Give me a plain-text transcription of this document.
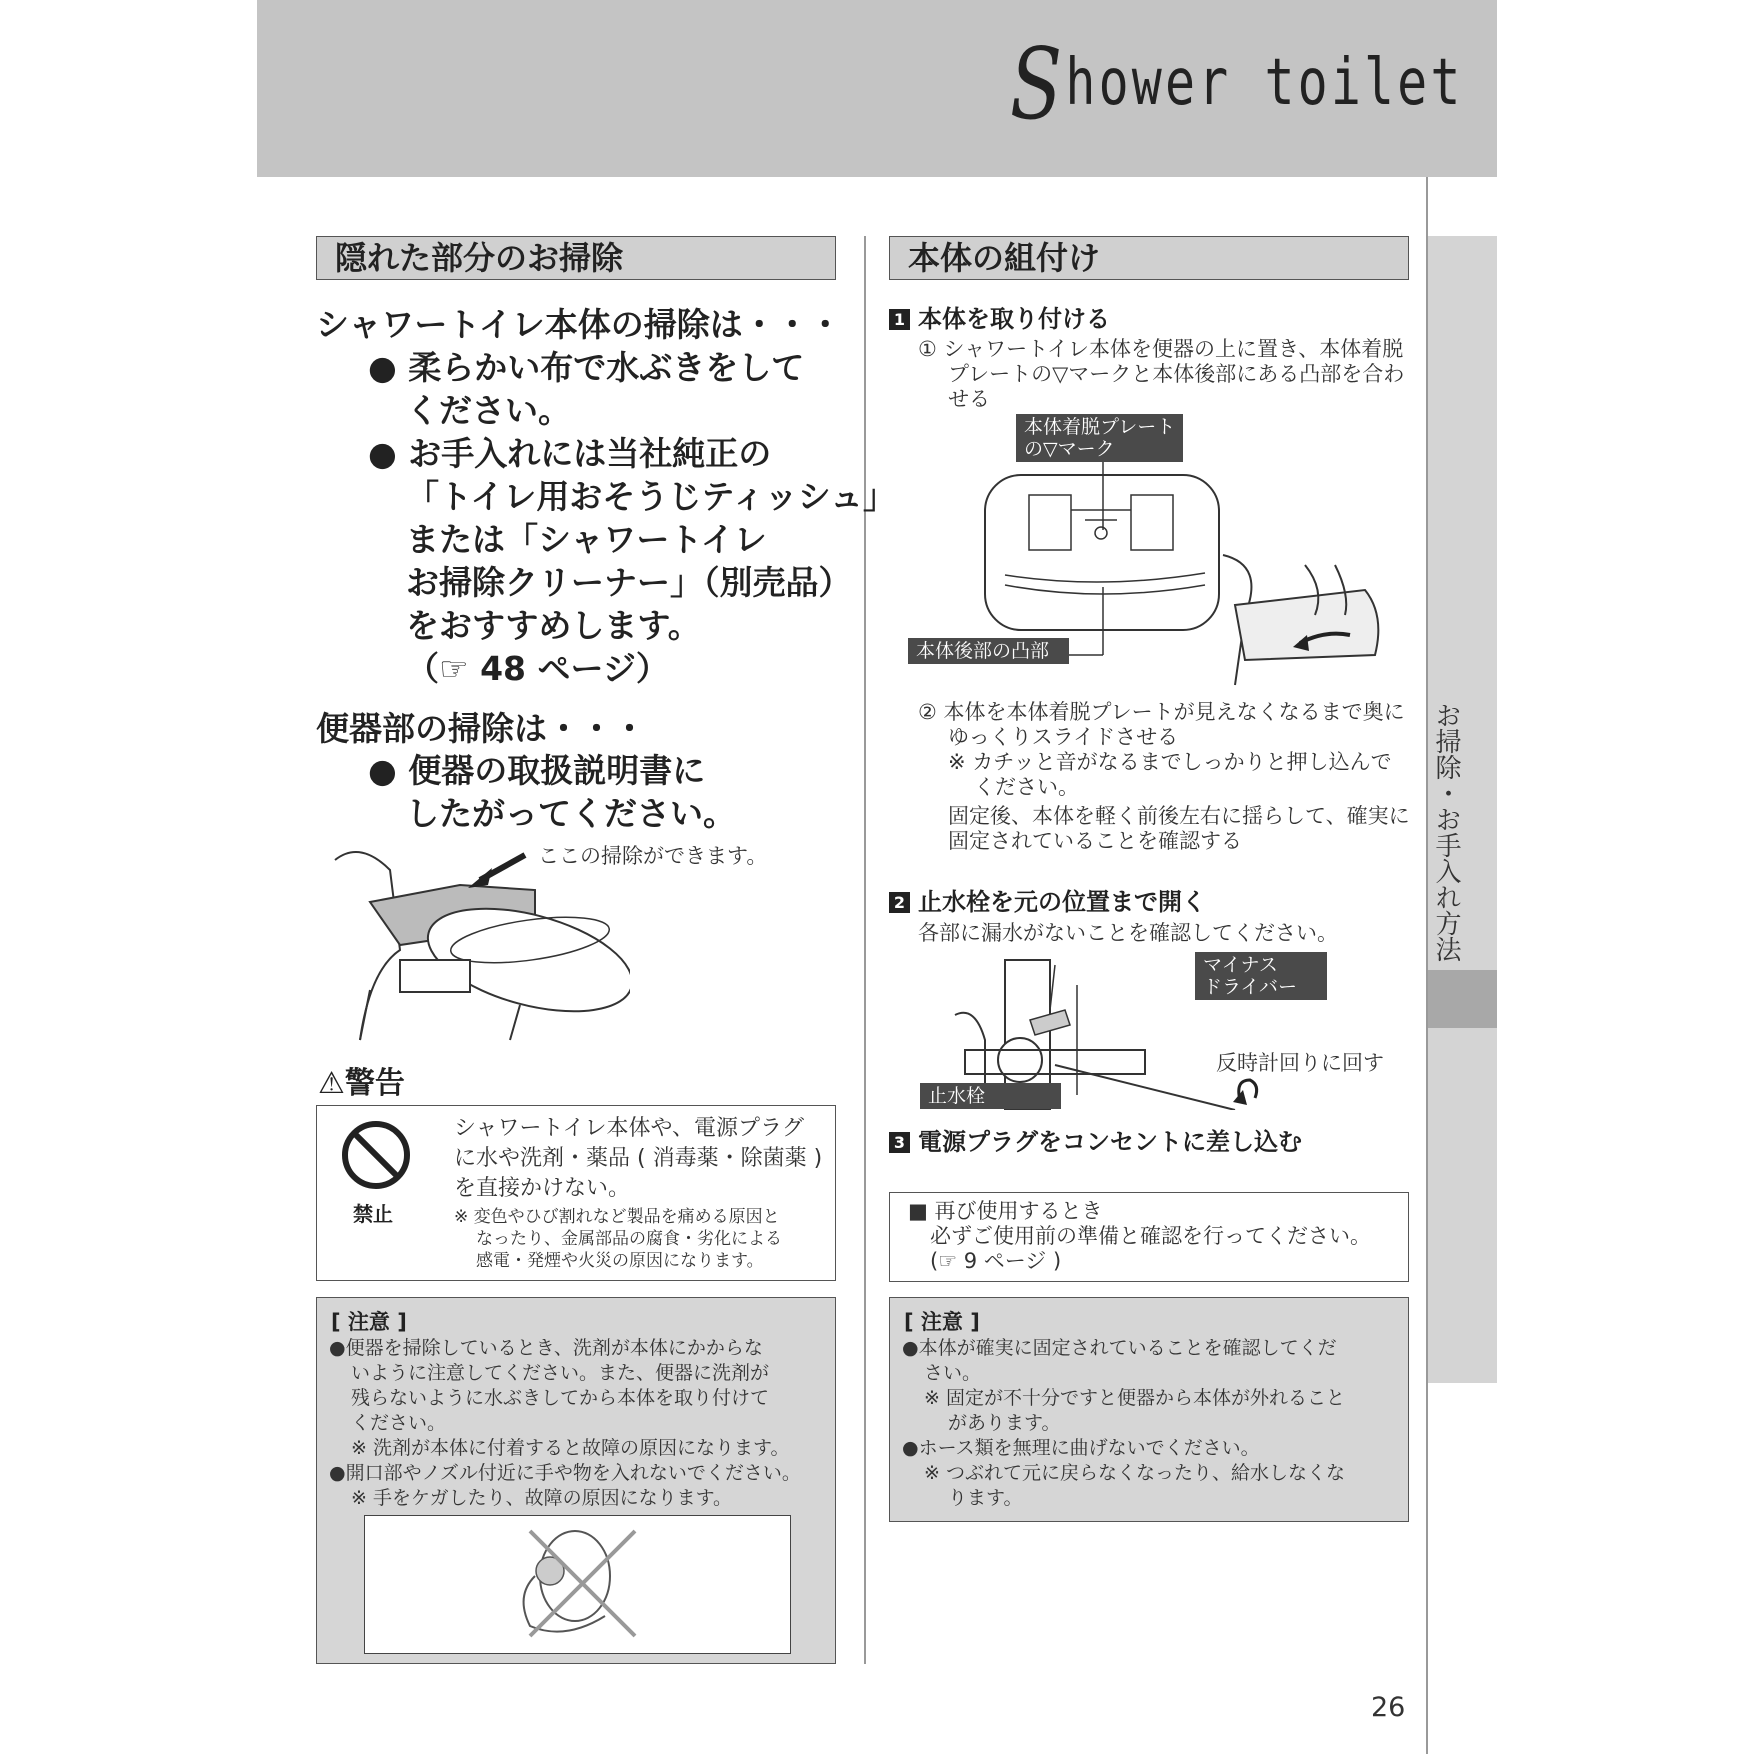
Shower toilet
お掃除・お手入れ方法
隠れた部分のお掃除
シャワートイレ本体の掃除は・・・
● 柔らかい布で水ぶきをして
ください。
● お手入れには当社純正の
「トイレ用おそうじティッシュ」
または「シャワートイレ
お掃除クリーナー」（別売品）
をおすすめします。
（☞ 48 ページ）
便器部の掃除は・・・
● 便器の取扱説明書に
したがってください。
ここの掃除ができます。
⚠警告
禁止
シャワートイレ本体や、電源プラグ
に水や洗剤・薬品 ( 消毒薬・除菌薬 )
を直接かけない。
※ 変色やひび割れなど製品を痛める原因と
なったり、金属部品の腐食・劣化による
感電・発煙や火災の原因になります。
[ 注意 ]
●便器を掃除しているとき、洗剤が本体にかからな
いように注意してください。また、便器に洗剤が
残らないように水ぶきしてから本体を取り付けて
ください。
※ 洗剤が本体に付着すると故障の原因になります。
●開口部やノズル付近に手や物を入れないでください。
※ 手をケガしたり、故障の原因になります。
本体の組付け
1 本体を取り付ける
① シャワートイレ本体を便器の上に置き、本体着脱
プレートの▽マークと本体後部にある凸部を合わ
せる
本体着脱プレート
の▽マーク
本体後部の凸部
② 本体を本体着脱プレートが見えなくなるまで奥に
ゆっくりスライドさせる
※ カチッと音がなるまでしっかりと押し込んで
ください。
固定後、本体を軽く前後左右に揺らして、確実に
固定されていることを確認する
2 止水栓を元の位置まで開く
各部に漏水がないことを確認してください。
マイナス
ドライバー
止水栓
反時計回りに回す
3 電源プラグをコンセントに差し込む
■ 再び使用するとき
必ずご使用前の準備と確認を行ってください。
(☞ 9 ページ )
[ 注意 ]
●本体が確実に固定されていることを確認してくだ
さい。
※ 固定が不十分ですと便器から本体が外れること
があります。
●ホース類を無理に曲げないでください。
※ つぶれて元に戻らなくなったり、給水しなくな
ります。
26
